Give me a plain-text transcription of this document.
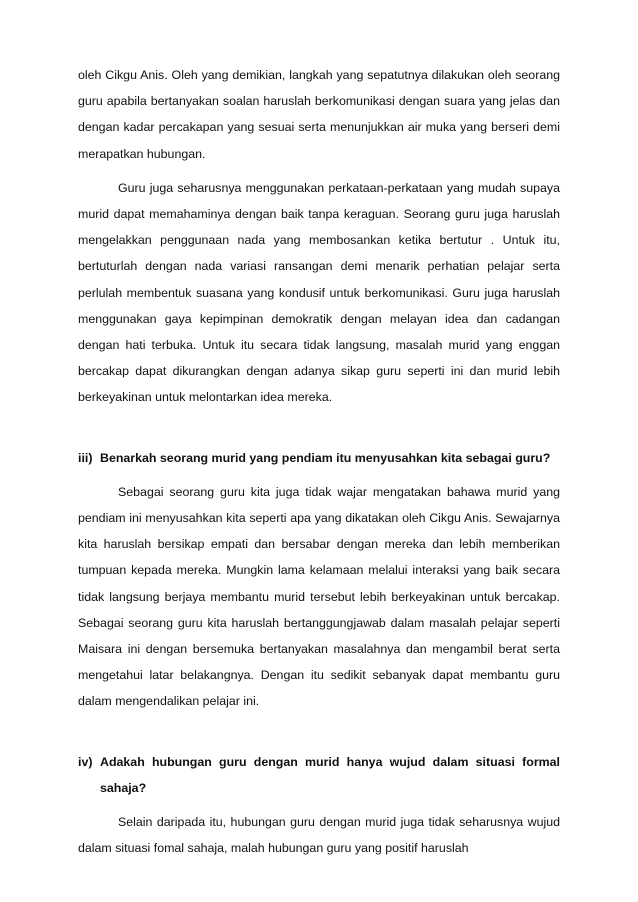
oleh Cikgu Anis. Oleh yang demikian, langkah yang sepatutnya dilakukan oleh seorang guru apabila bertanyakan soalan haruslah berkomunikasi dengan suara yang jelas dan dengan kadar percakapan yang sesuai serta menunjukkan air muka yang berseri demi merapatkan hubungan.

Guru juga seharusnya menggunakan perkataan-perkataan yang mudah supaya murid dapat memahaminya dengan baik tanpa keraguan. Seorang guru juga haruslah mengelakkan penggunaan nada yang membosankan ketika bertutur . Untuk itu, bertuturlah dengan nada variasi ransangan demi menarik perhatian pelajar serta perlulah membentuk suasana yang kondusif untuk berkomunikasi. Guru juga haruslah menggunakan gaya kepimpinan demokratik dengan melayan idea dan cadangan dengan hati terbuka. Untuk itu secara tidak langsung, masalah murid yang enggan bercakap dapat dikurangkan dengan adanya sikap guru seperti ini dan murid lebih berkeyakinan untuk melontarkan idea mereka.

iii) Benarkah seorang murid yang pendiam itu menyusahkan kita sebagai guru?

Sebagai seorang guru kita juga tidak wajar mengatakan bahawa murid yang pendiam ini menyusahkan kita seperti apa yang dikatakan oleh Cikgu Anis. Sewajarnya kita haruslah bersikap empati dan bersabar dengan mereka dan lebih memberikan tumpuan kepada mereka. Mungkin lama kelamaan melalui interaksi yang baik secara tidak langsung berjaya membantu murid tersebut lebih berkeyakinan untuk bercakap. Sebagai seorang guru kita haruslah bertanggungjawab dalam masalah pelajar seperti Maisara ini dengan bersemuka bertanyakan masalahnya dan mengambil berat serta mengetahui latar belakangnya. Dengan itu sedikit sebanyak dapat membantu guru dalam mengendalikan pelajar ini.

iv) Adakah hubungan guru dengan murid hanya wujud dalam situasi formal sahaja?

Selain daripada itu, hubungan guru dengan murid juga tidak seharusnya wujud dalam situasi fomal sahaja, malah hubungan guru yang positif haruslah
